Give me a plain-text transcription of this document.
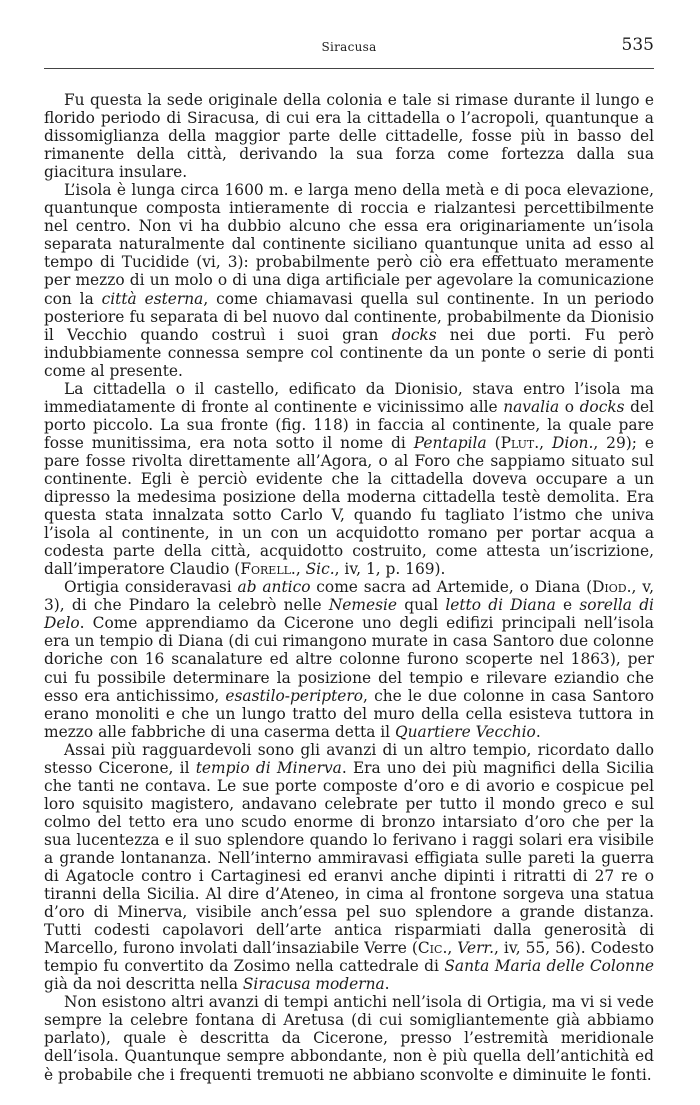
Siracusa	535

Fu questa la sede originale della colonia e tale si rimase durante il lungo e florido periodo di Siracusa, di cui era la cittadella o l’acropoli, quantunque a dissomiglianza della maggior parte delle cittadelle, fosse più in basso del rimanente della città, derivando la sua forza come fortezza dalla sua giacitura insulare.

L’isola è lunga circa 1600 m. e larga meno della metà e di poca elevazione, quantunque composta intieramente di roccia e rialzantesi percettibilmente nel centro. Non vi ha dubbio alcuno che essa era originariamente un’isola separata naturalmente dal continente siciliano quantunque unita ad esso al tempo di Tucidide (vi, 3): probabilmente però ciò era effettuato meramente per mezzo di un molo o di una diga artificiale per agevolare la comunicazione con la città esterna, come chiamavasi quella sul continente. In un periodo posteriore fu separata di bel nuovo dal continente, probabilmente da Dionisio il Vecchio quando costruì i suoi gran docks nei due porti. Fu però indubbiamente connessa sempre col continente da un ponte o serie di ponti come al presente.

La cittadella o il castello, edificato da Dionisio, stava entro l’isola ma immediatamente di fronte al continente e vicinissimo alle navalia o docks del porto piccolo. La sua fronte (fig. 118) in faccia al continente, la quale pare fosse munitissima, era nota sotto il nome di Pentapila (Plut., Dion., 29); e pare fosse rivolta direttamente all’Agora, o al Foro che sappiamo situato sul continente. Egli è perciò evidente che la cittadella doveva occupare a un dipresso la medesima posizione della moderna cittadella testè demolita. Era questa stata innalzata sotto Carlo V, quando fu tagliato l’istmo che univa l’isola al continente, in un con un acquidotto romano per portar acqua a codesta parte della città, acquidotto costruito, come attesta un’iscrizione, dall’imperatore Claudio (Forell., Sic., iv, 1, p. 169).

Ortigia consideravasi ab antico come sacra ad Artemide, o Diana (Diod., v, 3), di che Pindaro la celebrò nelle Nemesie qual letto di Diana e sorella di Delo. Come apprendiamo da Cicerone uno degli edifizi principali nell’isola era un tempio di Diana (di cui rimangono murate in casa Santoro due colonne doriche con 16 scanalature ed altre colonne furono scoperte nel 1863), per cui fu possibile determinare la posizione del tempio e rilevare eziandio che esso era antichissimo, esastilo-periptero, che le due colonne in casa Santoro erano monoliti e che un lungo tratto del muro della cella esisteva tuttora in mezzo alle fabbriche di una caserma detta il Quartiere Vecchio.

Assai più ragguardevoli sono gli avanzi di un altro tempio, ricordato dallo stesso Cicerone, il tempio di Minerva. Era uno dei più magnifici della Sicilia che tanti ne contava. Le sue porte composte d’oro e di avorio e cospicue pel loro squisito magistero, andavano celebrate per tutto il mondo greco e sul colmo del tetto era uno scudo enorme di bronzo intarsiato d’oro che per la sua lucentezza e il suo splendore quando lo ferivano i raggi solari era visibile a grande lontananza. Nell’interno ammiravasi effigiata sulle pareti la guerra di Agatocle contro i Cartaginesi ed eranvi anche dipinti i ritratti di 27 re o tiranni della Sicilia. Al dire d’Ateneo, in cima al frontone sorgeva una statua d’oro di Minerva, visibile anch’essa pel suo splendore a grande distanza. Tutti codesti capolavori dell’arte antica risparmiati dalla generosità di Marcello, furono involati dall’insaziabile Verre (Cic., Verr., iv, 55, 56). Codesto tempio fu convertito da Zosimo nella cattedrale di Santa Maria delle Colonne già da noi descritta nella Siracusa moderna.

Non esistono altri avanzi di tempi antichi nell’isola di Ortigia, ma vi si vede sempre la celebre fontana di Aretusa (di cui somigliantemente già abbiamo parlato), quale è descritta da Cicerone, presso l’estremità meridionale dell’isola. Quantunque sempre abbondante, non è più quella dell’antichità ed è probabile che i frequenti tremuoti ne abbiano sconvolte e diminuite le fonti.
